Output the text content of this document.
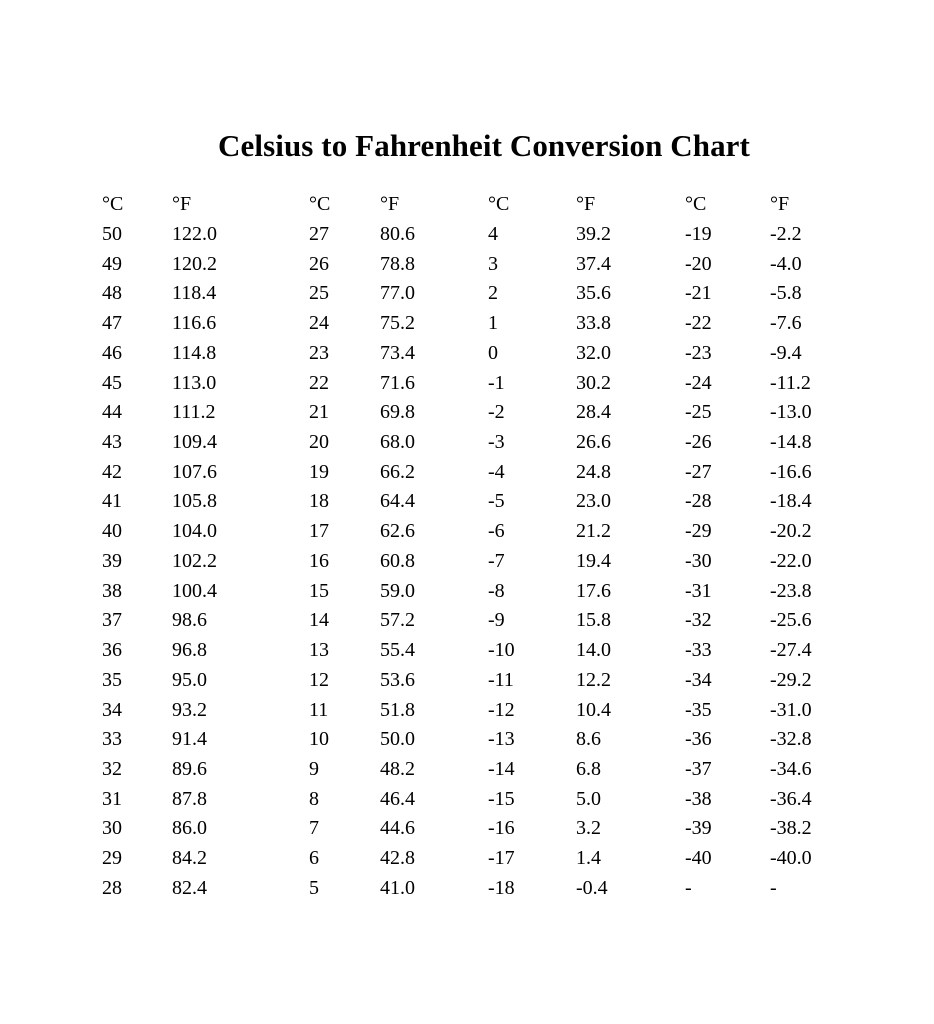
Celsius to Fahrenheit Conversion Chart
°C °F	°C °F	°C	°F	°C	°F
50	122.0	27	80.6	4	39.2	-19	-2.2
49	120.2	26	78.8	3	37.4	-20	-4.0
48	118.4	25	77.0	2	35.6	-21	-5.8
47	116.6	24	75.2	1	33.8	-22	-7.6
46	114.8	23	73.4	0	32.0	-23	-9.4
45	113.0	22	71.6	-1	30.2	-24	-11.2
44	111.2	21	69.8	-2	28.4	-25	-13.0
43	109.4	20	68.0	-3	26.6	-26	-14.8
42	107.6	19	66.2	-4	24.8	-27	-16.6
41	105.8	18	64.4	-5	23.0	-28	-18.4
40	104.0	17	62.6	-6	21.2	-29	-20.2
39	102.2	16	60.8	-7	19.4	-30	-22.0
38	100.4	15	59.0	-8	17.6	-31	-23.8
37	98.6	14	57.2	-9	15.8	-32	-25.6
36	96.8	13	55.4	-10	14.0	-33	-27.4
35	95.0	12	53.6	-11	12.2	-34	-29.2
34	93.2	11	51.8	-12	10.4	-35	-31.0
33	91.4	10	50.0	-13	8.6	-36	-32.8
32	89.6	9	48.2	-14	6.8	-37	-34.6
31	87.8	8	46.4	-15	5.0	-38	-36.4
30	86.0	7	44.6	-16	3.2	-39	-38.2
29	84.2	6	42.8	-17	1.4	-40	-40.0
28	82.4	5	41.0	-18	-0.4	-	-
